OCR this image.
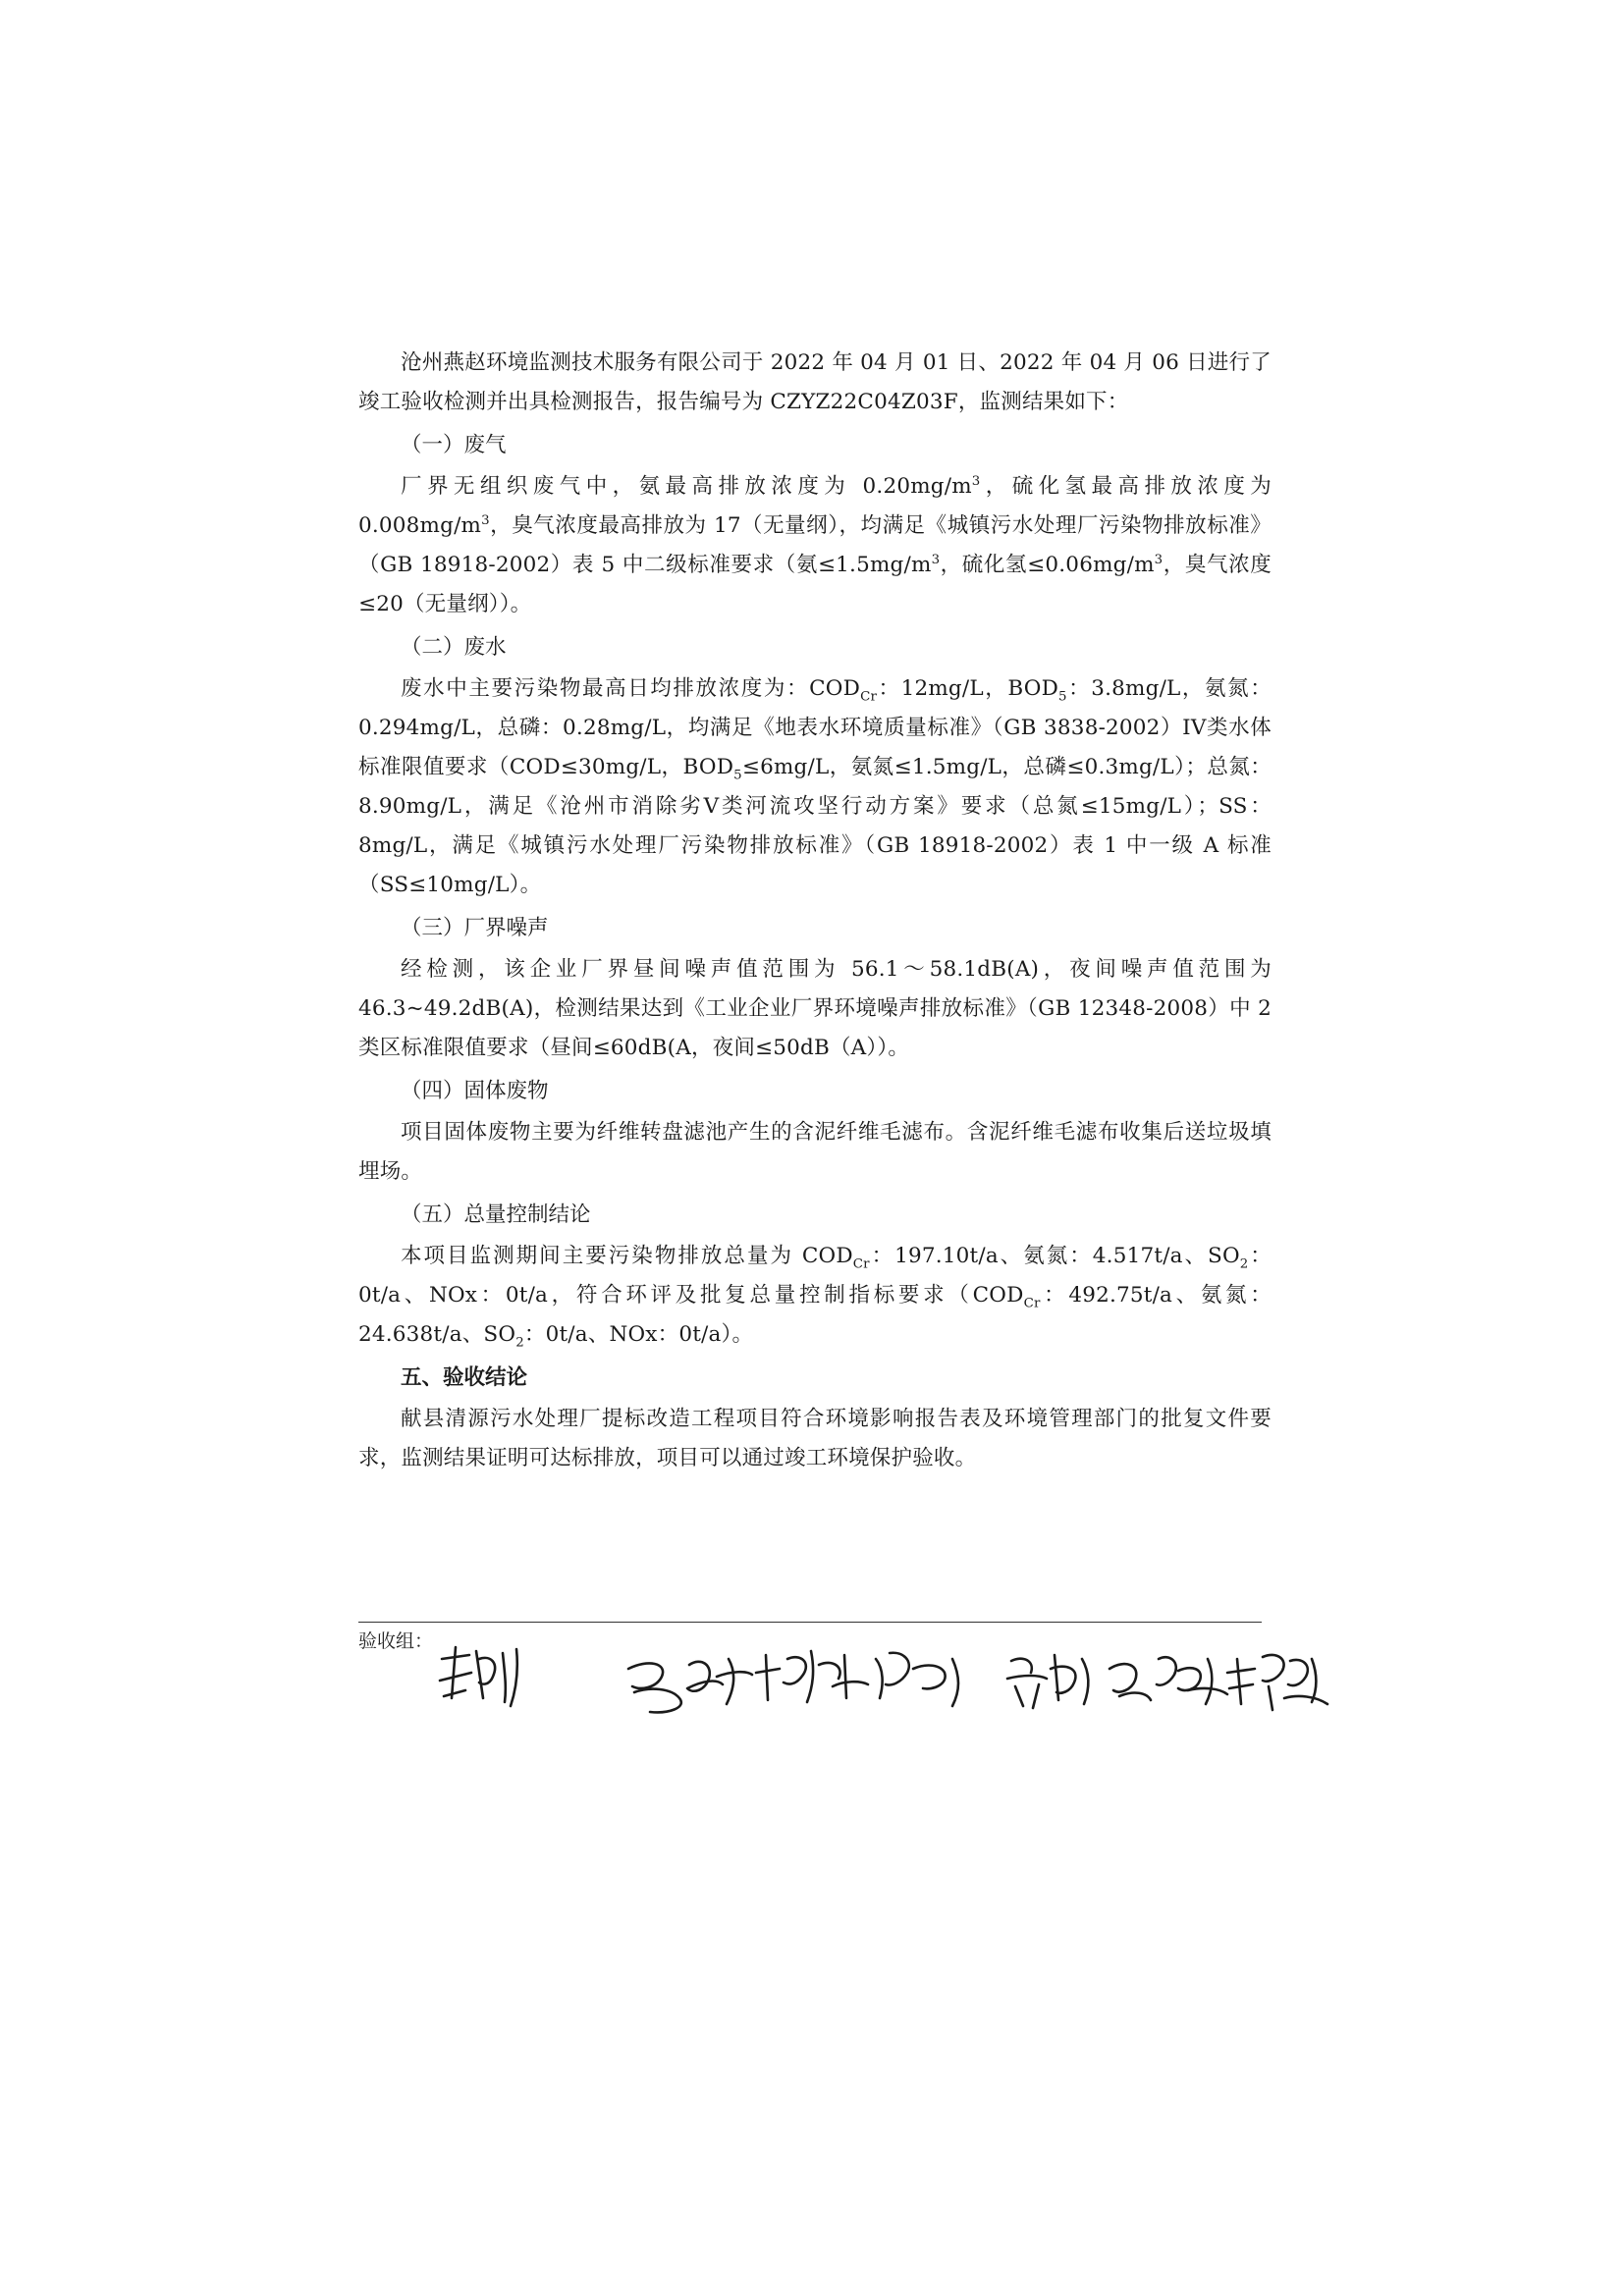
沧州燕赵环境监测技术服务有限公司于 2022 年 04 月 01 日、2022 年 04 月 06 日进行了竣工验收检测并出具检测报告，报告编号为 CZYZ22C04Z03F，监测结果如下：

（一）废气

厂界无组织废气中，氨最高排放浓度为 $0.20mg/m^3$，硫化氢最高排放浓度为 $0.008mg/m^3$，臭气浓度最高排放为 17（无量纲），均满足《城镇污水处理厂污染物排放标准》（GB 18918-2002）表 5 中二级标准要求（氨$\le 1.5mg/m^3$，硫化氢$\le 0.06mg/m^3$，臭气浓度≤20（无量纲））。

（二）废水

废水中主要污染物最高日均排放浓度为：$COD_{Cr}$：12mg/L，$BOD_5$：3.8mg/L，氨氮：0.294mg/L，总磷：0.28mg/L，均满足《地表水环境质量标准》（GB 3838-2002）IV类水体标准限值要求（COD≤30mg/L，$BOD_5\le 6mg/L$，氨氮≤1.5mg/L，总磷≤0.3mg/L）；总氮：8.90mg/L，满足《沧州市消除劣V类河流攻坚行动方案》要求（总氮≤15mg/L）；SS：8mg/L，满足《城镇污水处理厂污染物排放标准》（GB 18918-2002）表 1 中一级 A 标准（SS≤10mg/L）。

（三）厂界噪声

经检测，该企业厂界昼间噪声值范围为 56.1～58.1dB(A)，夜间噪声值范围为 46.3~49.2dB(A)，检测结果达到《工业企业厂界环境噪声排放标准》（GB 12348-2008）中 2 类区标准限值要求（昼间≤60dB(A，夜间≤50dB（A））。

（四）固体废物

项目固体废物主要为纤维转盘滤池产生的含泥纤维毛滤布。含泥纤维毛滤布收集后送垃圾填埋场。

（五）总量控制结论

本项目监测期间主要污染物排放总量为 $COD_{Cr}$：197.10t/a、氨氮：4.517t/a、$SO_2$：0t/a、NOx：0t/a，符合环评及批复总量控制指标要求（$COD_{Cr}$：492.75t/a、氨氮：24.638t/a、$SO_2$：0t/a、NOx：0t/a）。

五、验收结论

献县清源污水处理厂提标改造工程项目符合环境影响报告表及环境管理部门的批复文件要求，监测结果证明可达标排放，项目可以通过竣工环境保护验收。

验收组：
